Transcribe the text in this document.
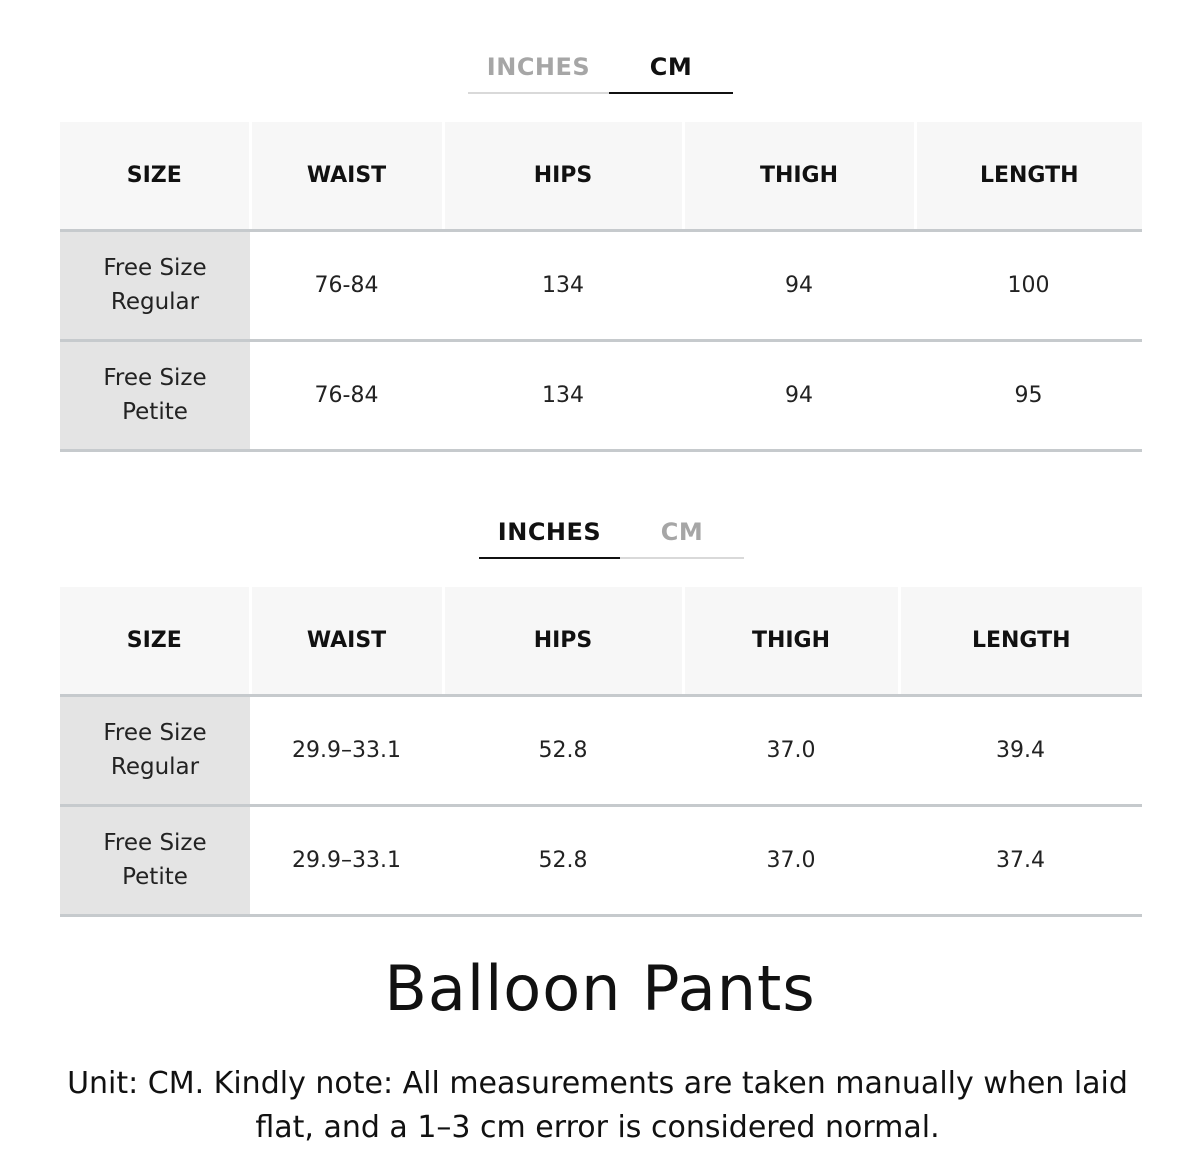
INCHES	CM
SIZE	WAIST	HIPS	THIGH	LENGTH
Free Size
Regular	76-84	134	94	100
Free Size
Petite	76-84	134	94	95
INCHES	CM
SIZE	WAIST	HIPS	THIGH	LENGTH
Free Size
Regular	29.9–33.1	52.8	37.0	39.4
Free Size
Petite	29.9–33.1	52.8	37.0	37.4
Balloon Pants
Unit: CM. Kindly note: All measurements are taken manually when laid flat, and a 1–3 cm error is considered normal.
